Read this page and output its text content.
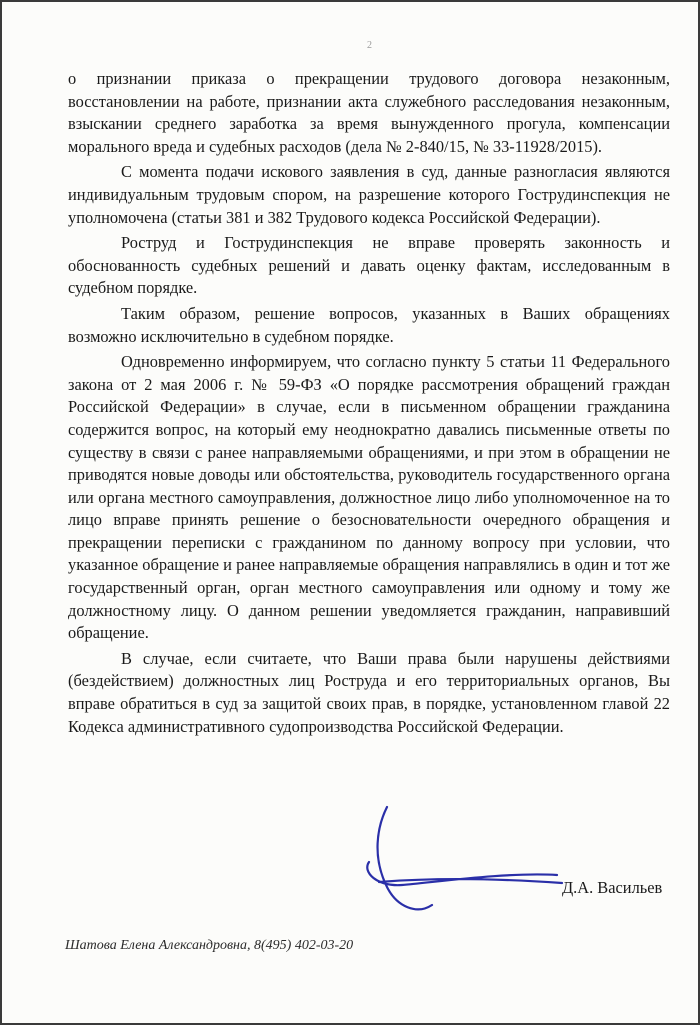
2

о признании приказа о прекращении трудового договора незаконным, восстановлении на работе, признании акта служебного расследования незаконным, взыскании среднего заработка за время вынужденного прогула, компенсации морального вреда и судебных расходов (дела № 2-840/15, № 33-11928/2015).

С момента подачи искового заявления в суд, данные разногласия являются индивидуальным трудовым спором, на разрешение которого Гострудинспекция не уполномочена (статьи 381 и 382 Трудового кодекса Российской Федерации).

Роструд и Гострудинспекция не вправе проверять законность и обоснованность судебных решений и давать оценку фактам, исследованным в судебном порядке.

Таким образом, решение вопросов, указанных в Ваших обращениях возможно исключительно в судебном порядке.

Одновременно информируем, что согласно пункту 5 статьи 11 Федерального закона от 2 мая 2006 г. № 59-ФЗ «О порядке рассмотрения обращений граждан Российской Федерации» в случае, если в письменном обращении гражданина содержится вопрос, на который ему неоднократно давались письменные ответы по существу в связи с ранее направляемыми обращениями, и при этом в обращении не приводятся новые доводы или обстоятельства, руководитель государственного органа или органа местного самоуправления, должностное лицо либо уполномоченное на то лицо вправе принять решение о безосновательности очередного обращения и прекращении переписки с гражданином по данному вопросу при условии, что указанное обращение и ранее направляемые обращения направлялись в один и тот же государственный орган, орган местного самоуправления или одному и тому же должностному лицу. О данном решении уведомляется гражданин, направивший обращение.

В случае, если считаете, что Ваши права были нарушены действиями (бездействием) должностных лиц Роструда и его территориальных органов, Вы вправе обратиться в суд за защитой своих прав, в порядке, установленном главой 22 Кодекса административного судопроизводства Российской Федерации.

Д.А. Васильев
Шатова Елена Александровна, 8(495) 402-03-20
